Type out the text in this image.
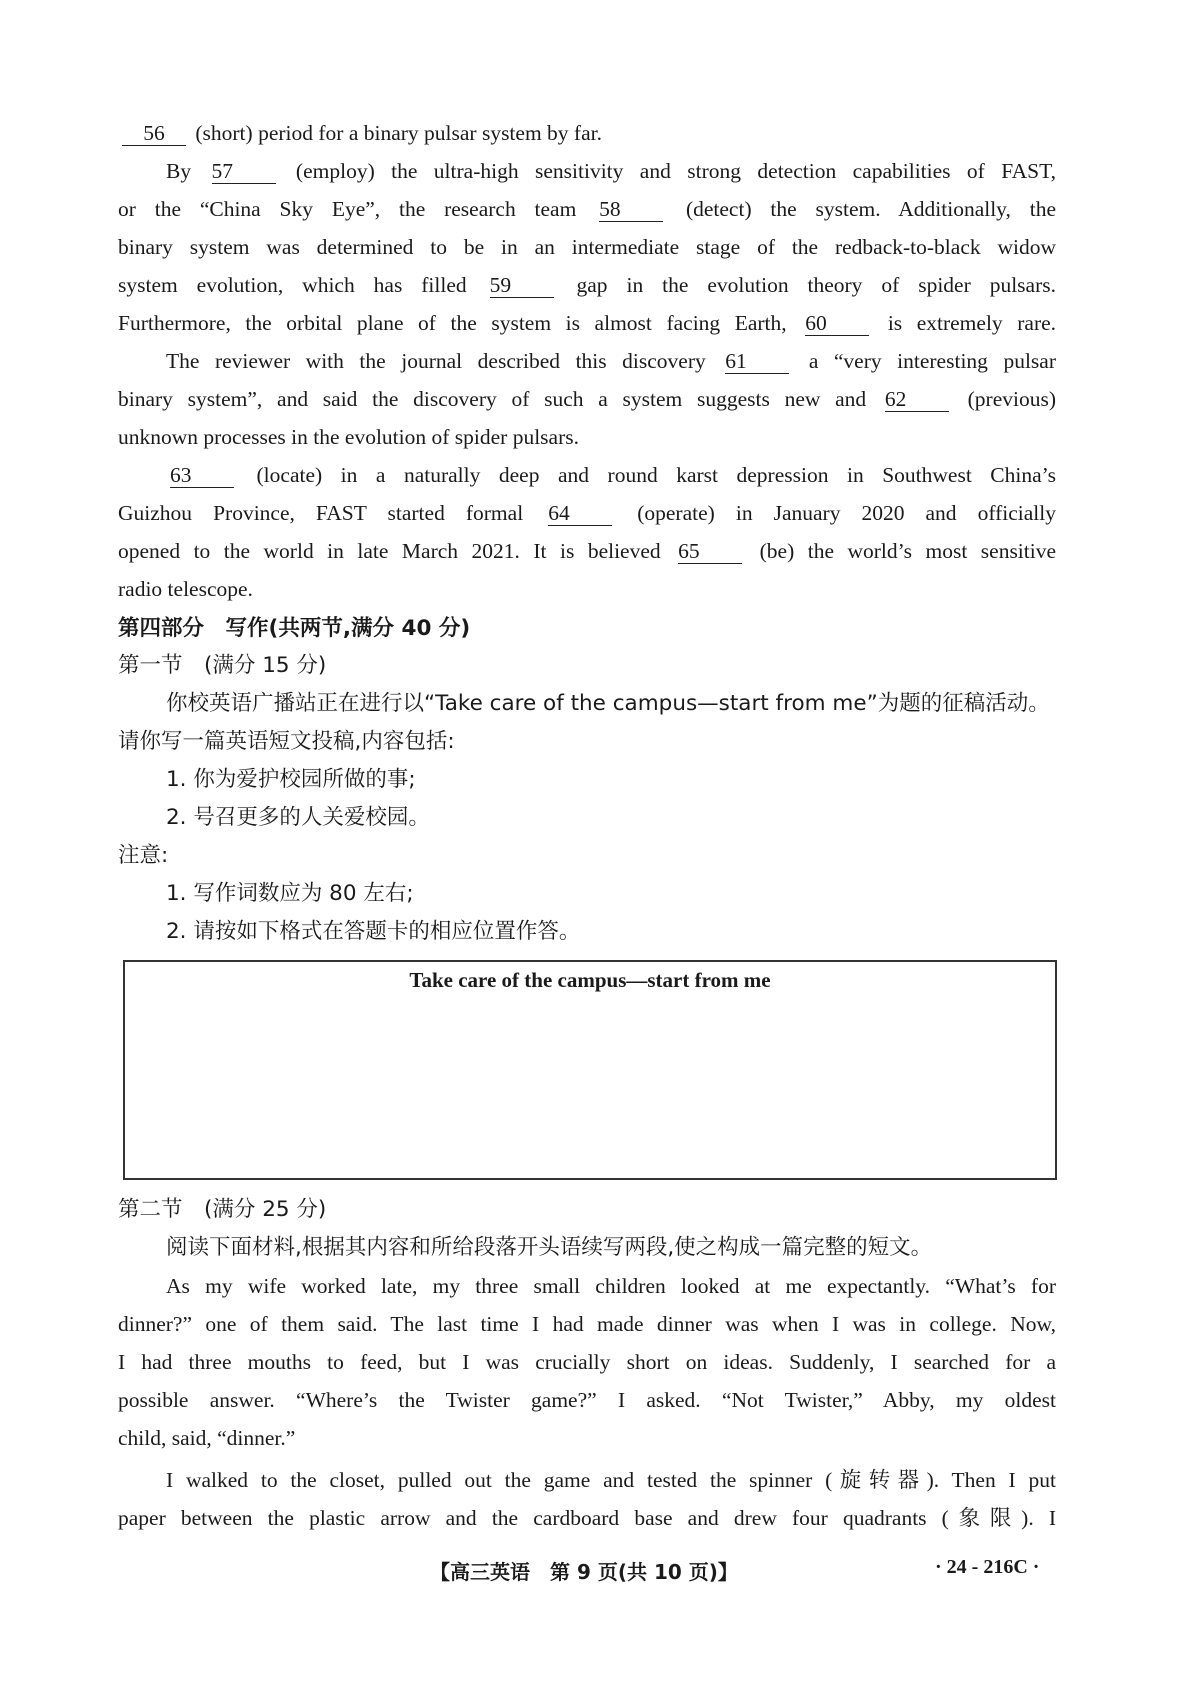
Take care of the campus—start from me
【高三英语　第 9 页(共 10 页)】	· 24 - 216C ·
56 (short) period for a binary pulsar system by far.
By 57	(employ) the ultra-high sensitivity and strong detection capabilities of FAST,
or the “China Sky Eye”, the research team 58	(detect) the system. Additionally, the
binary system was determined to be in an intermediate stage of the redback-to-black widow
system evolution, which has filled 59	gap in the evolution theory of spider pulsars.
Furthermore, the orbital plane of the system is almost facing Earth, 60	is extremely rare.
The reviewer with the journal described this discovery 61	a “very interesting pulsar
binary system”, and said the discovery of such a system suggests new and 62	(previous)
unknown processes in the evolution of spider pulsars.
63	(locate) in a naturally deep and round karst depression in Southwest China’s
Guizhou Province, FAST started formal 64	(operate) in January 2020 and officially
opened to the world in late March 2021. It is believed 65	(be) the world’s most sensitive
radio telescope.
第四部分　写作(共两节,满分 40 分)
第一节　(满分 15 分)
你校英语广播站正在进行以“Take care of the campus—start from me”为题的征稿活动。
请你写一篇英语短文投稿,内容包括:
1. 你为爱护校园所做的事;
2. 号召更多的人关爱校园。
注意:
1. 写作词数应为 80 左右;
2. 请按如下格式在答题卡的相应位置作答。
第二节　(满分 25 分)
阅读下面材料,根据其内容和所给段落开头语续写两段,使之构成一篇完整的短文。
As my wife worked late, my three small children looked at me expectantly. “What’s for
dinner?” one of them said. The last time I had made dinner was when I was in college. Now,
I had three mouths to feed, but I was crucially short on ideas. Suddenly, I searched for a
possible answer. “Where’s the Twister game?” I asked. “Not Twister,” Abby, my oldest
child, said, “dinner.”
I walked to the closet, pulled out the game and tested the spinner (旋转器). Then I put
paper between the plastic arrow and the cardboard base and drew four quadrants (象限). I
